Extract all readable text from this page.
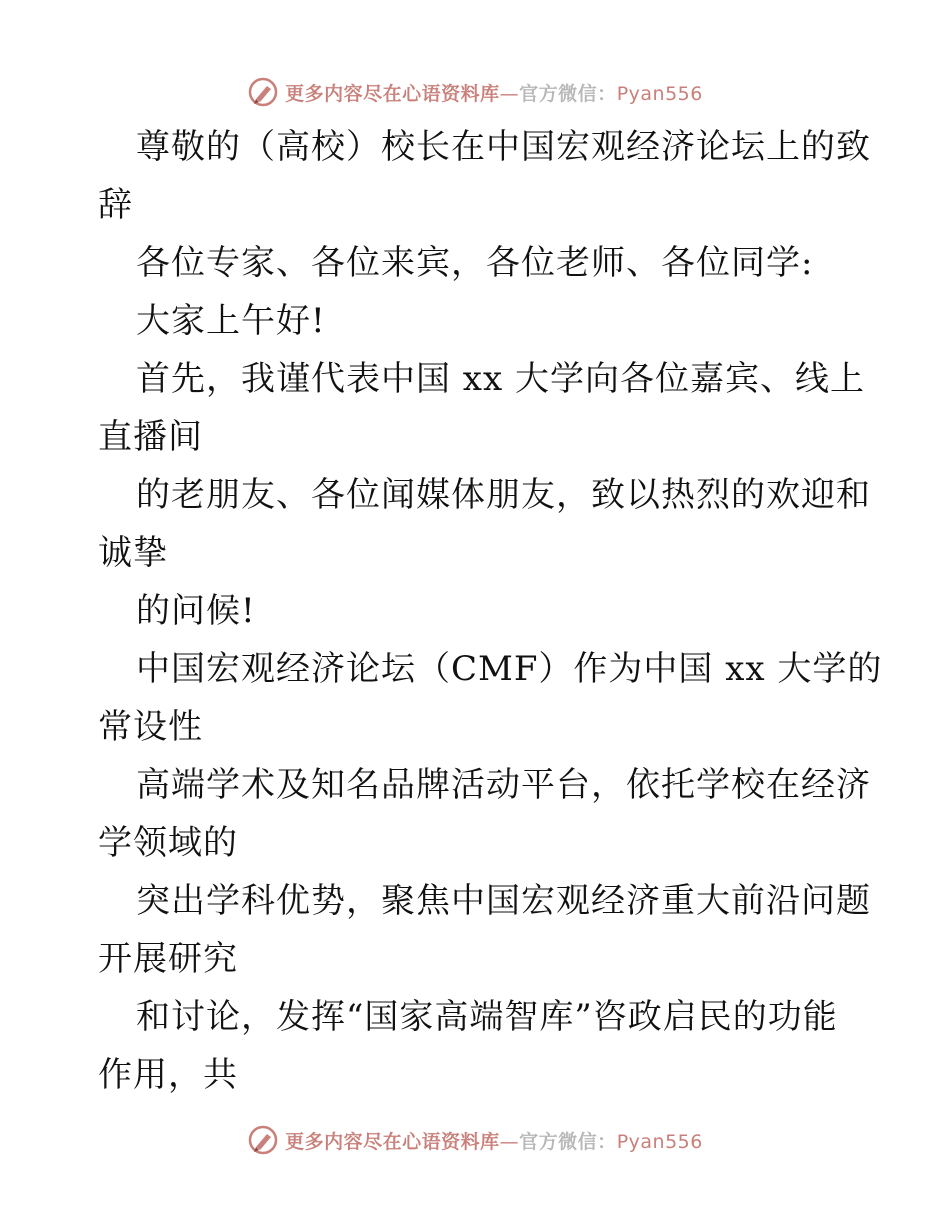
更多内容尽在心语资料库—官方微信：Pyan556
尊敬的（高校）校长在中国宏观经济论坛上的致
辞
各位专家、各位来宾，各位老师、各位同学:
大家上午好!
首先，我谨代表中国 xx 大学向各位嘉宾、线上
直播间
的老朋友、各位闻媒体朋友，致以热烈的欢迎和
诚挚
的问候!
中国宏观经济论坛（CMF）作为中国 xx 大学的
常设性
高端学术及知名品牌活动平台，依托学校在经济
学领域的
突出学科优势，聚焦中国宏观经济重大前沿问题
开展研究
和讨论，发挥“国家高端智库”咨政启民的功能
作用，共
更多内容尽在心语资料库—官方微信：Pyan556
